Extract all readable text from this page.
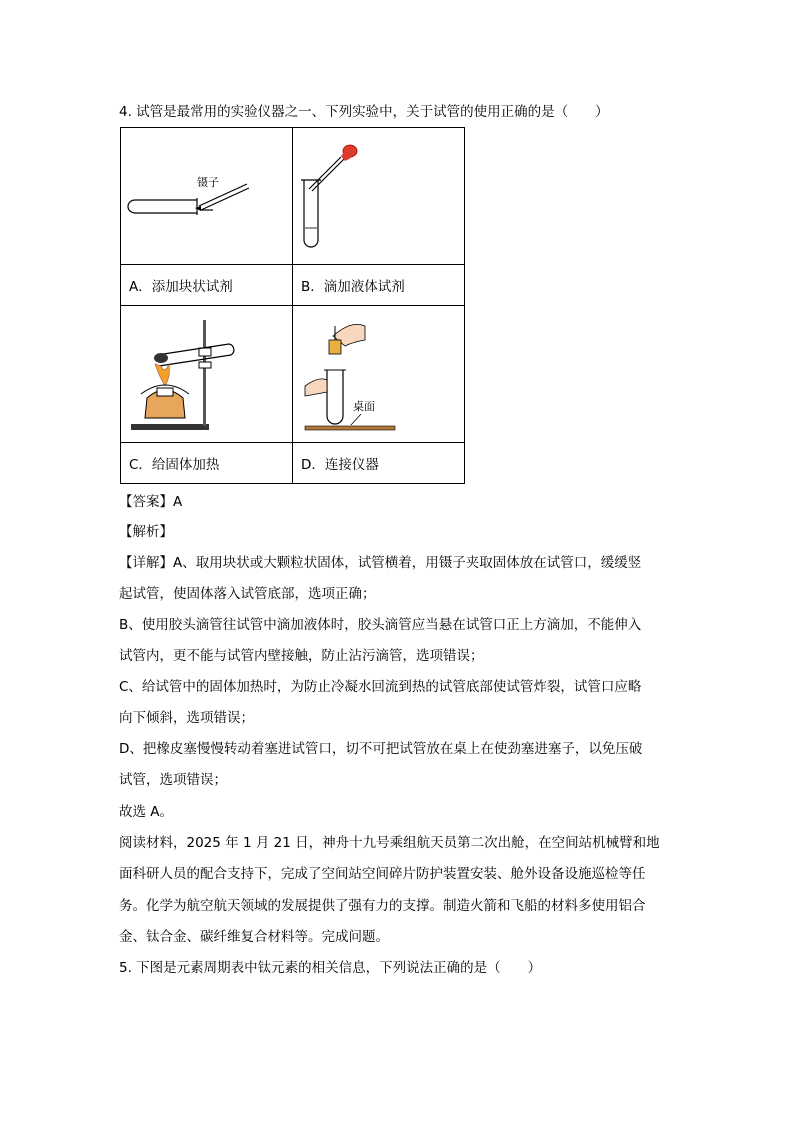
4. 试管是最常用的实验仪器之一、下列实验中，关于试管的使用正确的是（　　）
镊子

A．添加块状试剂	B．滴加液体试剂

桌面

C．给固体加热	D．连接仪器
【答案】A
【解析】
【详解】A、取用块状或大颗粒状固体，试管横着，用镊子夹取固体放在试管口，缓缓竖
起试管，使固体落入试管底部，选项正确；
B、使用胶头滴管往试管中滴加液体时，胶头滴管应当悬在试管口正上方滴加，不能伸入
试管内，更不能与试管内壁接触，防止沾污滴管，选项错误；
C、给试管中的固体加热时，为防止冷凝水回流到热的试管底部使试管炸裂，试管口应略
向下倾斜，选项错误；
D、把橡皮塞慢慢转动着塞进试管口，切不可把试管放在桌上在使劲塞进塞子，以免压破
试管，选项错误；
故选 A。
阅读材料，2025 年 1 月 21 日，神舟十九号乘组航天员第二次出舱，在空间站机械臂和地
面科研人员的配合支持下，完成了空间站空间碎片防护装置安装、舱外设备设施巡检等任
务。化学为航空航天领域的发展提供了强有力的支撑。制造火箭和飞船的材料多使用铝合
金、钛合金、碳纤维复合材料等。完成问题。
5. 下图是元素周期表中钛元素的相关信息，下列说法正确的是（　　）
